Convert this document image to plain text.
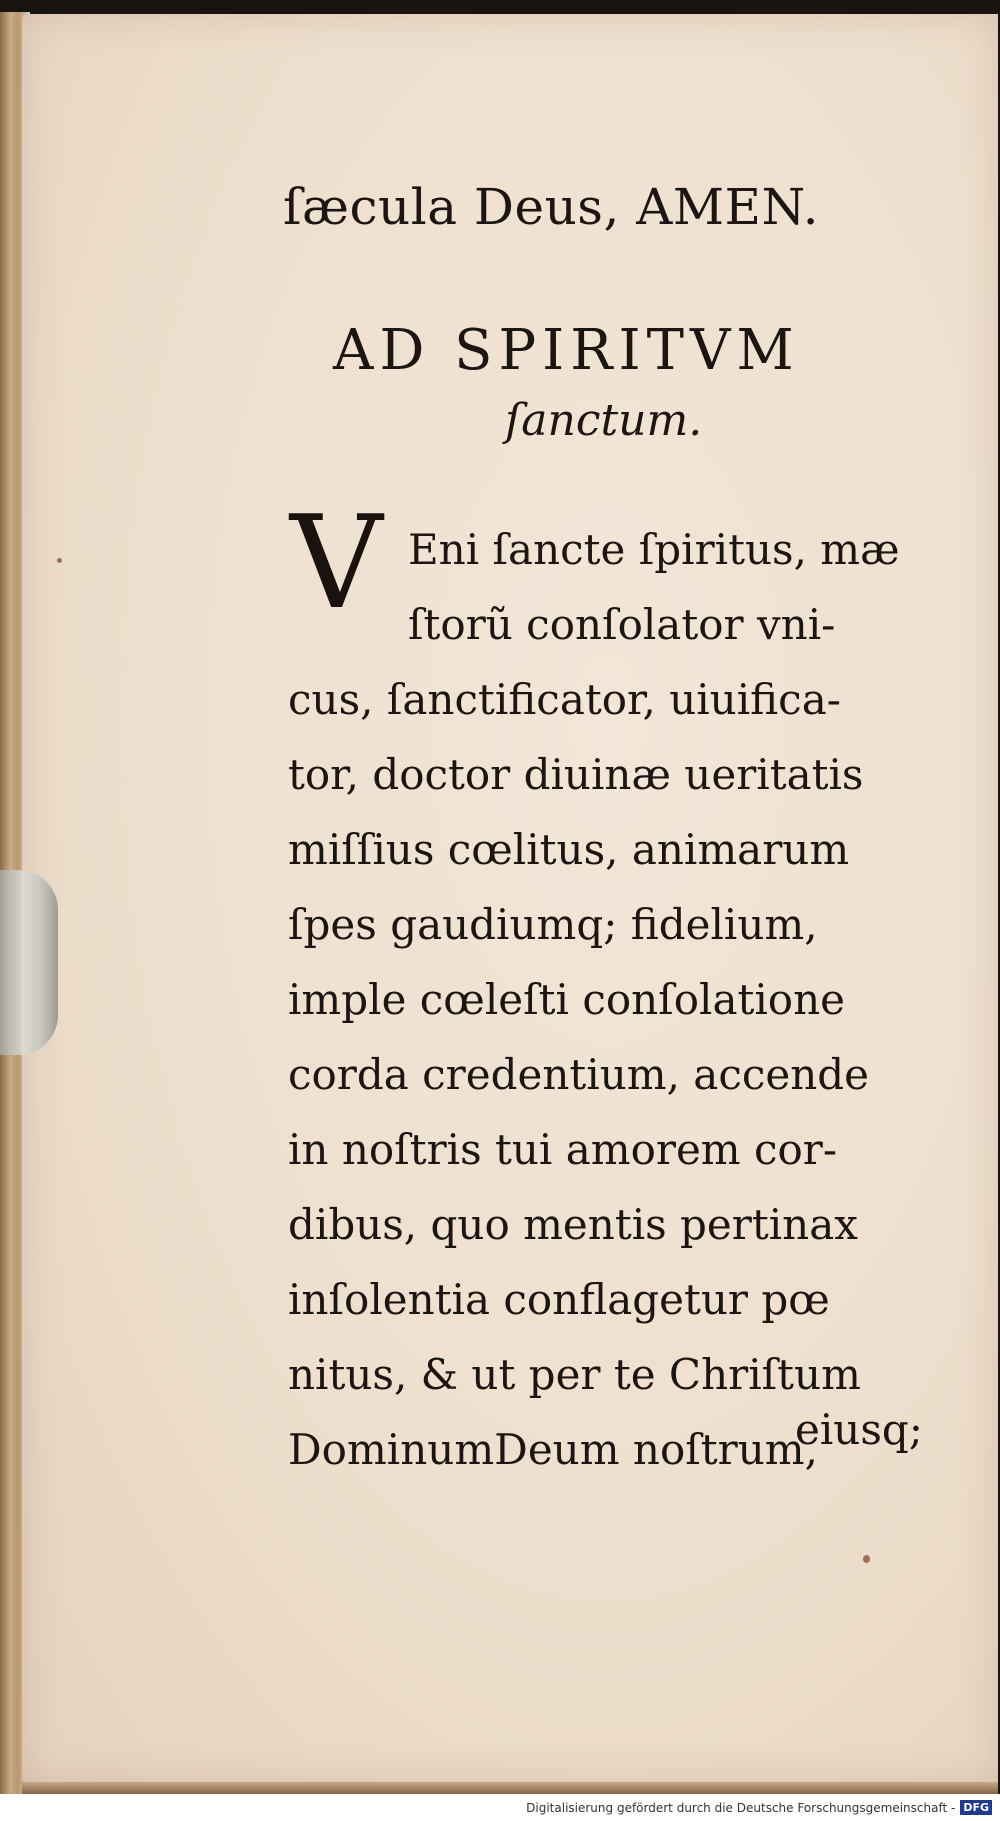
ſæcula Deus, AMEN.
AD SPIRITVM
ſanctum.
V Eni ſancte ſpiritus, mæ
ſtorũ conſolator vni-
cus, ſanctificator, uiuifica-
tor, doctor diuinæ ueritatis
miſſius cœlitus, animarum
ſpes gaudiumq; fidelium,
imple cœleſti conſolatione
corda credentium, accende
in noſtris tui amorem cor-
dibus, quo mentis pertinax
inſolentia conflagetur pœ
nitus, & ut per te Chriſtum
DominumDeum noſtrum,
eiusq;
Digitalisierung gefördert durch die Deutsche Forschungsgemeinschaft - DFG
